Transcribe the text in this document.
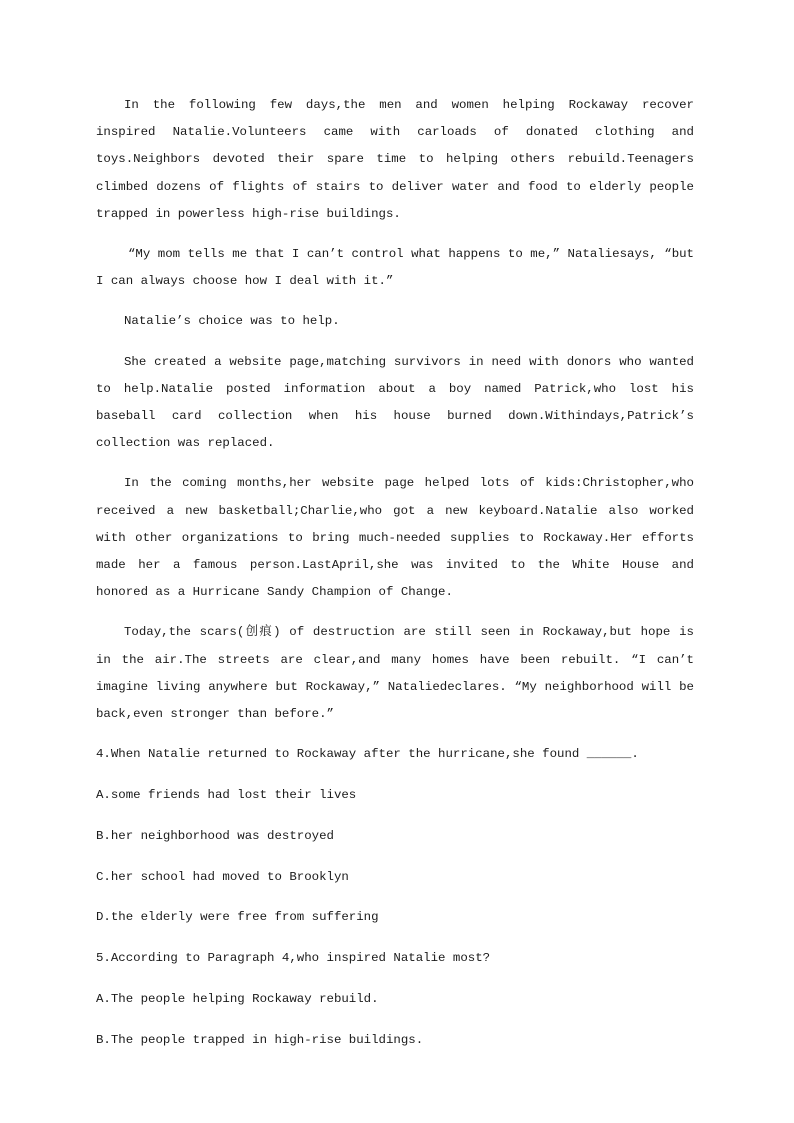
In the following few days,the men and women helping Rockaway recover inspired Natalie.Volunteers came with carloads of donated clothing and toys.Neighbors devoted their spare time to helping others rebuild.Teenagers climbed dozens of flights of stairs to deliver water and food to elderly people trapped in powerless high-rise buildings.

“My mom tells me that I can’t control what happens to me,” Nataliesays, “but I can always choose how I deal with it.”

Natalie’s choice was to help.

She created a website page,matching survivors in need with donors who wanted to help.Natalie posted information about a boy named Patrick,who lost his baseball card collection when his house burned down.Withindays,Patrick’s collection was replaced.

In the coming months,her website page helped lots of kids:Christopher,who received a new basketball;Charlie,who got a new keyboard.Natalie also worked with other organizations to bring much-needed supplies to Rockaway.Her efforts made her a famous person.LastApril,she was invited to the White House and honored as a Hurricane Sandy Champion of Change.

Today,the scars(创痕) of destruction are still seen in Rockaway,but hope is in the air.The streets are clear,and many homes have been rebuilt. “I can’t imagine living anywhere but Rockaway,” Nataliedeclares. “My neighborhood will be back,even stronger than before.”

4.When Natalie returned to Rockaway after the hurricane,she found ______.

A.some friends had lost their lives

B.her neighborhood was destroyed

C.her school had moved to Brooklyn

D.the elderly were free from suffering

5.According to Paragraph 4,who inspired Natalie most?

A.The people helping Rockaway rebuild.

B.The people trapped in high-rise buildings.
